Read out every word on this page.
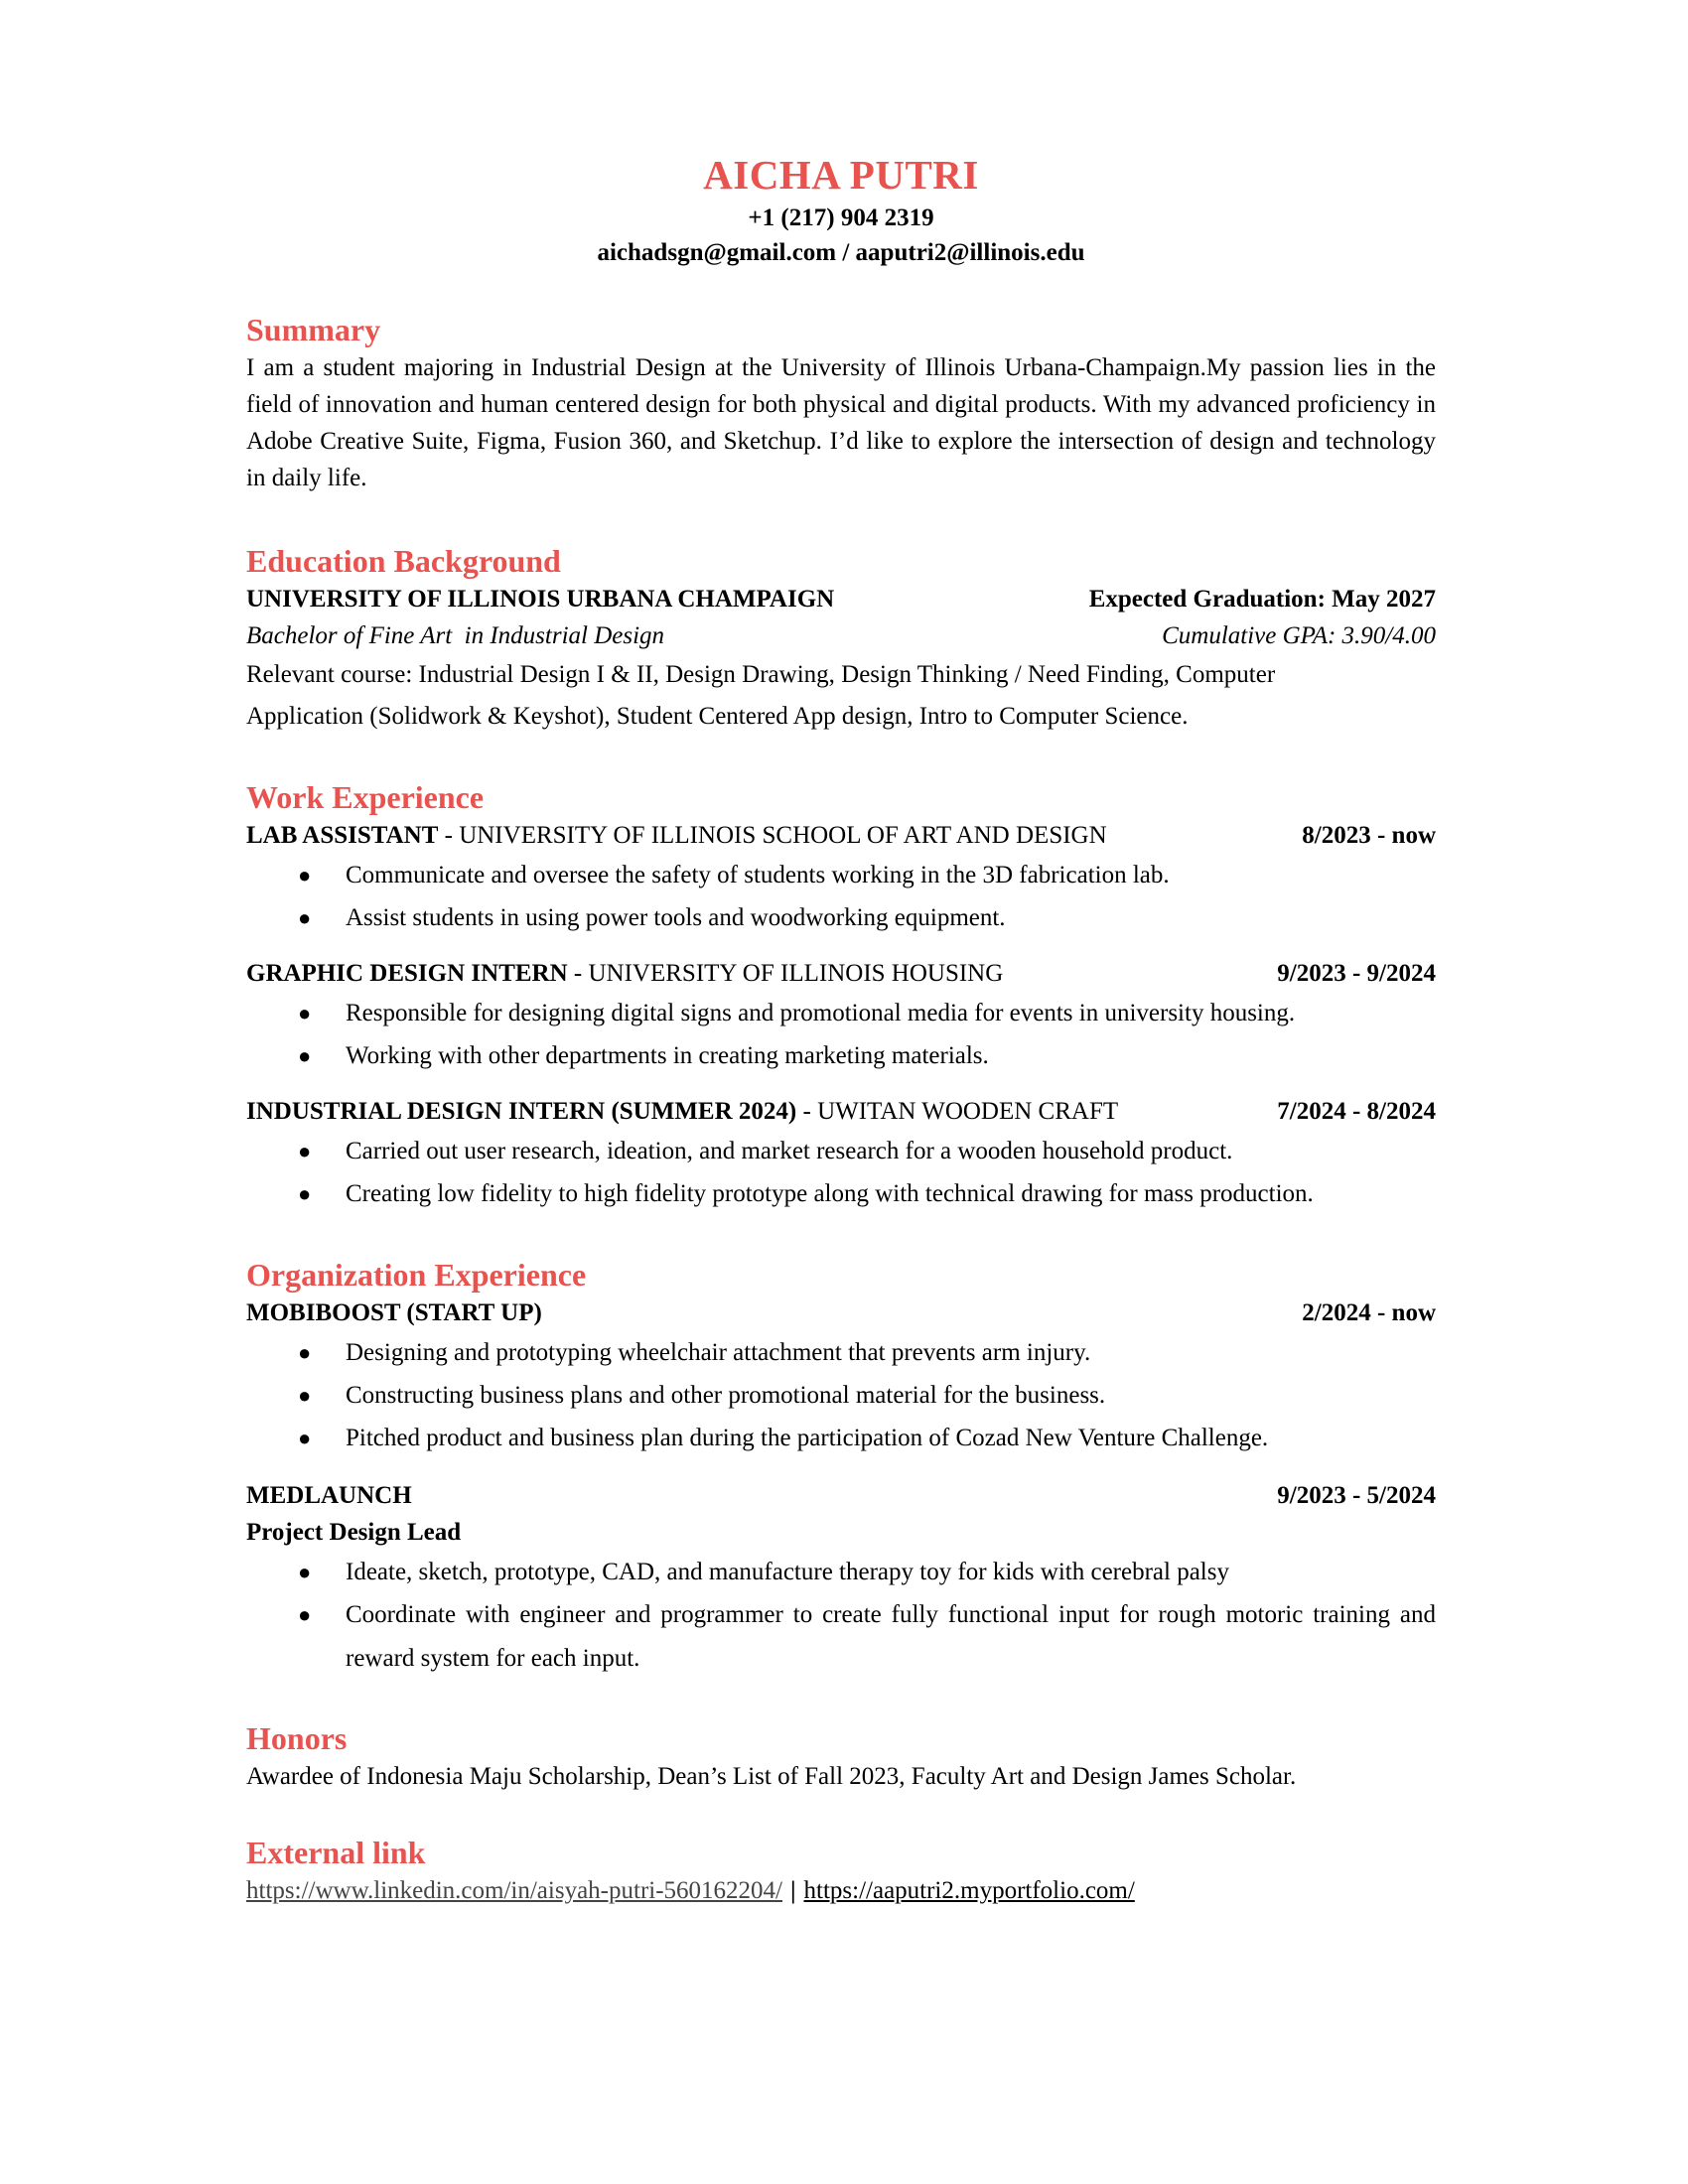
AICHA PUTRI
+1 (217) 904 2319
aichadsgn@gmail.com / aaputri2@illinois.edu
Summary
I am a student majoring in Industrial Design at the University of Illinois Urbana-Champaign.My passion lies in the field of innovation and human centered design for both physical and digital products. With my advanced proficiency in Adobe Creative Suite, Figma, Fusion 360, and Sketchup. I’d like to explore the intersection of design and technology in daily life.
Education Background
UNIVERSITY OF ILLINOIS URBANA CHAMPAIGN	Expected Graduation: May 2027
Bachelor of Fine Art  in Industrial Design	Cumulative GPA: 3.90/4.00
Relevant course: Industrial Design I & II, Design Drawing, Design Thinking / Need Finding, Computer
Application (Solidwork & Keyshot), Student Centered App design, Intro to Computer Science.
Work Experience
LAB ASSISTANT - UNIVERSITY OF ILLINOIS SCHOOL OF ART AND DESIGN	8/2023 - now
● Communicate and oversee the safety of students working in the 3D fabrication lab.
● Assist students in using power tools and woodworking equipment.
GRAPHIC DESIGN INTERN - UNIVERSITY OF ILLINOIS HOUSING	9/2023 - 9/2024
● Responsible for designing digital signs and promotional media for events in university housing.
● Working with other departments in creating marketing materials.
INDUSTRIAL DESIGN INTERN (SUMMER 2024) - UWITAN WOODEN CRAFT	7/2024 - 8/2024
● Carried out user research, ideation, and market research for a wooden household product.
● Creating low fidelity to high fidelity prototype along with technical drawing for mass production.
Organization Experience
MOBIBOOST (START UP)	2/2024 - now
● Designing and prototyping wheelchair attachment that prevents arm injury.
● Constructing business plans and other promotional material for the business.
● Pitched product and business plan during the participation of Cozad New Venture Challenge.
MEDLAUNCH	9/2023 - 5/2024
Project Design Lead
● Ideate, sketch, prototype, CAD, and manufacture therapy toy for kids with cerebral palsy
● Coordinate with engineer and programmer to create fully functional input for rough motoric training and reward system for each input.
Honors
Awardee of Indonesia Maju Scholarship, Dean’s List of Fall 2023, Faculty Art and Design James Scholar.
External link
https://www.linkedin.com/in/aisyah-putri-560162204/ | https://aaputri2.myportfolio.com/
